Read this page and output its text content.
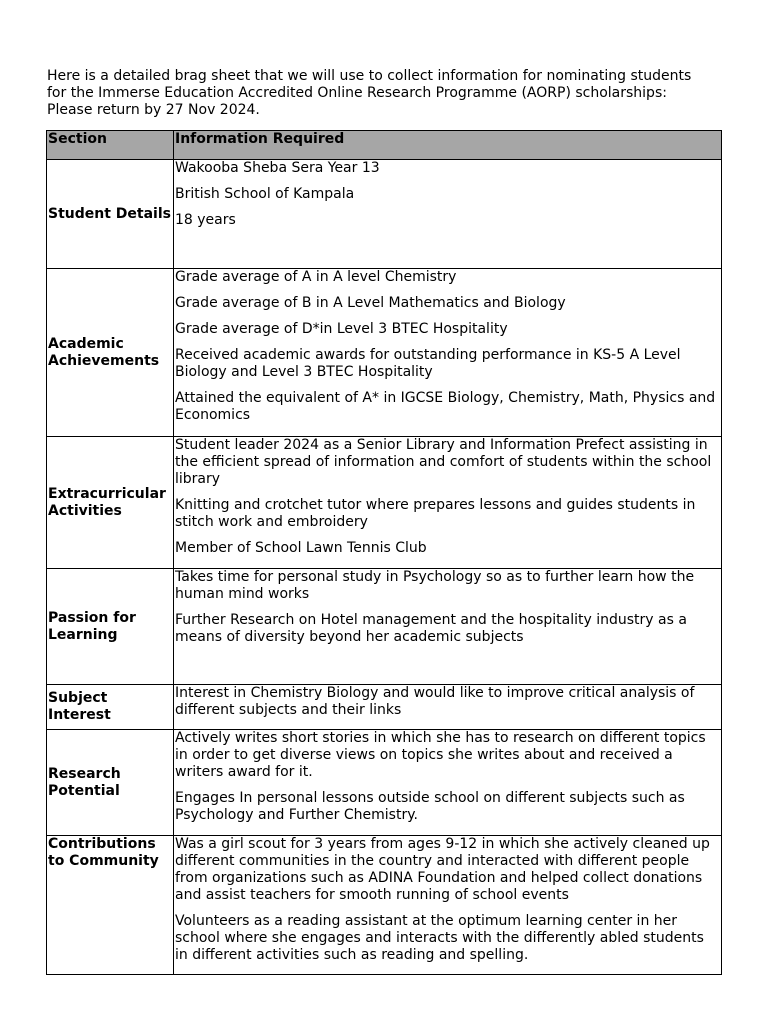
Here is a detailed brag sheet that we will use to collect information for nominating students
for the Immerse Education Accredited Online Research Programme (AORP) scholarships:
Please return by 27 Nov 2024.

Section	Information Required
Student Details	Wakooba Sheba Sera Year 13

British School of Kampala

18 years

Academic Achievements	Grade average of A in A level Chemistry

Grade average of B in A Level Mathematics and Biology

Grade average of D*in Level 3 BTEC Hospitality

Received academic awards for outstanding performance in KS-5 A Level Biology and Level 3 BTEC Hospitality

Attained the equivalent of A* in IGCSE Biology, Chemistry, Math, Physics and Economics

Extracurricular Activities	Student leader 2024 as a Senior Library and Information Prefect assisting in the efficient spread of information and comfort of students within the school library

Knitting and crotchet tutor where prepares lessons and guides students in stitch work and embroidery

Member of School Lawn Tennis Club

Passion for Learning	Takes time for personal study in Psychology so as to further learn how the human mind works

Further Research on Hotel management and the hospitality industry as a means of diversity beyond her academic subjects

Subject Interest	Interest in Chemistry Biology and would like to improve critical analysis of different subjects and their links

Research Potential	Actively writes short stories in which she has to research on different topics in order to get diverse views on topics she writes about and received a writers award for it.

Engages In personal lessons outside school on different subjects such as Psychology and Further Chemistry.

Contributions to Community	Was a girl scout for 3 years from ages 9-12 in which she actively cleaned up different communities in the country and interacted with different people from organizations such as ADINA Foundation and helped collect donations and assist teachers for smooth running of school events

Volunteers as a reading assistant at the optimum learning center in her school where she engages and interacts with the differently abled students in different activities such as reading and spelling.
